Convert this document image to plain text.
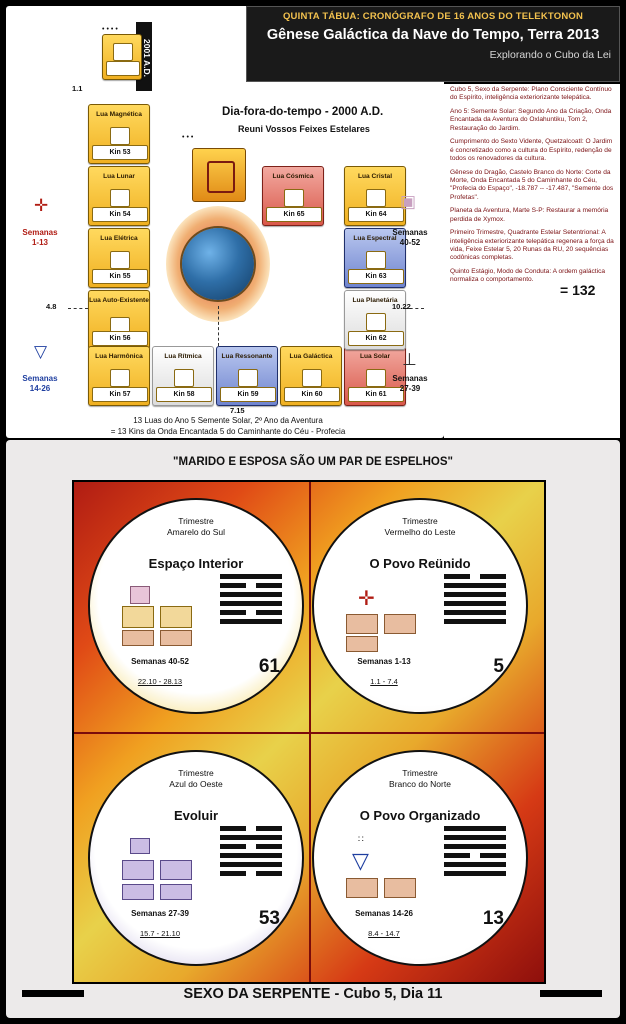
2001 A.D.
••••

1.1
Dia-fora-do-tempo - 2000 A.D.
Reuni Vossos Feixes Estelares
•••
Lua Magnética
Kin 53
Lua Lunar
Kin 54
Lua Elétrica
Kin 55
Lua Auto-Existente
Kin 56
Lua Harmônica
Kin 57
Lua Rítmica
Kin 58
Lua Ressonante
Kin 59
Lua Galáctica
Kin 60
Lua Solar
Kin 61
Lua Planetária
Kin 62
Lua Espectral
Kin 63
Lua Cristal
Kin 64
Lua Cósmica
Kin 65
✛
Semanas
1-13
▽
Semanas
14-26
⊥
Semanas
27-39
▣
Semanas
40-52
4.8	10.22
7.15
13 Luas do Ano 5 Semente Solar, 2º Ano da Aventura
= 13 Kins da Onda Encantada 5 do Caminhante do Céu - Profecia

Cubo 5, Sexo da Serpente: Plano Consciente Contínuo do Espírito, inteligência exteriorizante telepática.

Ano 5: Semente Solar: Segundo Ano da Criação, Onda Encantada da Aventura do Oxlahuntiku, Tom 2, Restauração do Jardim.

Cumprimento do Sexto Vidente, Quetzalcoatl: O Jardim é concretizado como a cultura do Espírito, redenção de todos os renovadores da cultura.

Gênese do Dragão, Castelo Branco do Norte: Corte da Morte, Onda Encantada 5 do Caminhante do Céu, "Profecia do Espaço", -18.787 -- -17.487, "Semente dos Profetas".

Planeta da Aventura, Marte S-P: Restaurar a memória perdida de Xymox.

Primeiro Trimestre, Quadrante Estelar Setentrional: A inteligência exteriorizante telepática regenera a força da vida, Feixe Estelar 5, 20 Runas da RU, 20 sequências codônicas completas.

Quinto Estágio, Modo de Conduta: A ordem galáctica normaliza o comportamento.

QUINTA TÁBUA: CRONÓGRAFO DE 16 ANOS DO TELEKTONON
Gênese Galáctica da Nave do Tempo, Terra 2013
Explorando o Cubo da Lei
"MARIDO E ESPOSA SÃO UM PAR DE ESPELHOS"
Trimestre
Amarelo do Sul
Espaço Interior
Semanas 40-52
22.10 - 28.13
61
Trimestre
Vermelho do Leste
O Povo Reünido
✛
Semanas 1-13
1.1 - 7.4
5
Trimestre
Azul do Oeste
Evoluir
Semanas 27-39
15.7 - 21.10
53
Trimestre
Branco do Norte
O Povo Organizado
∷
▽
Semanas 14-26
8.4 - 14.7
13
= 132
SEXO DA SERPENTE - Cubo 5, Dia 11
